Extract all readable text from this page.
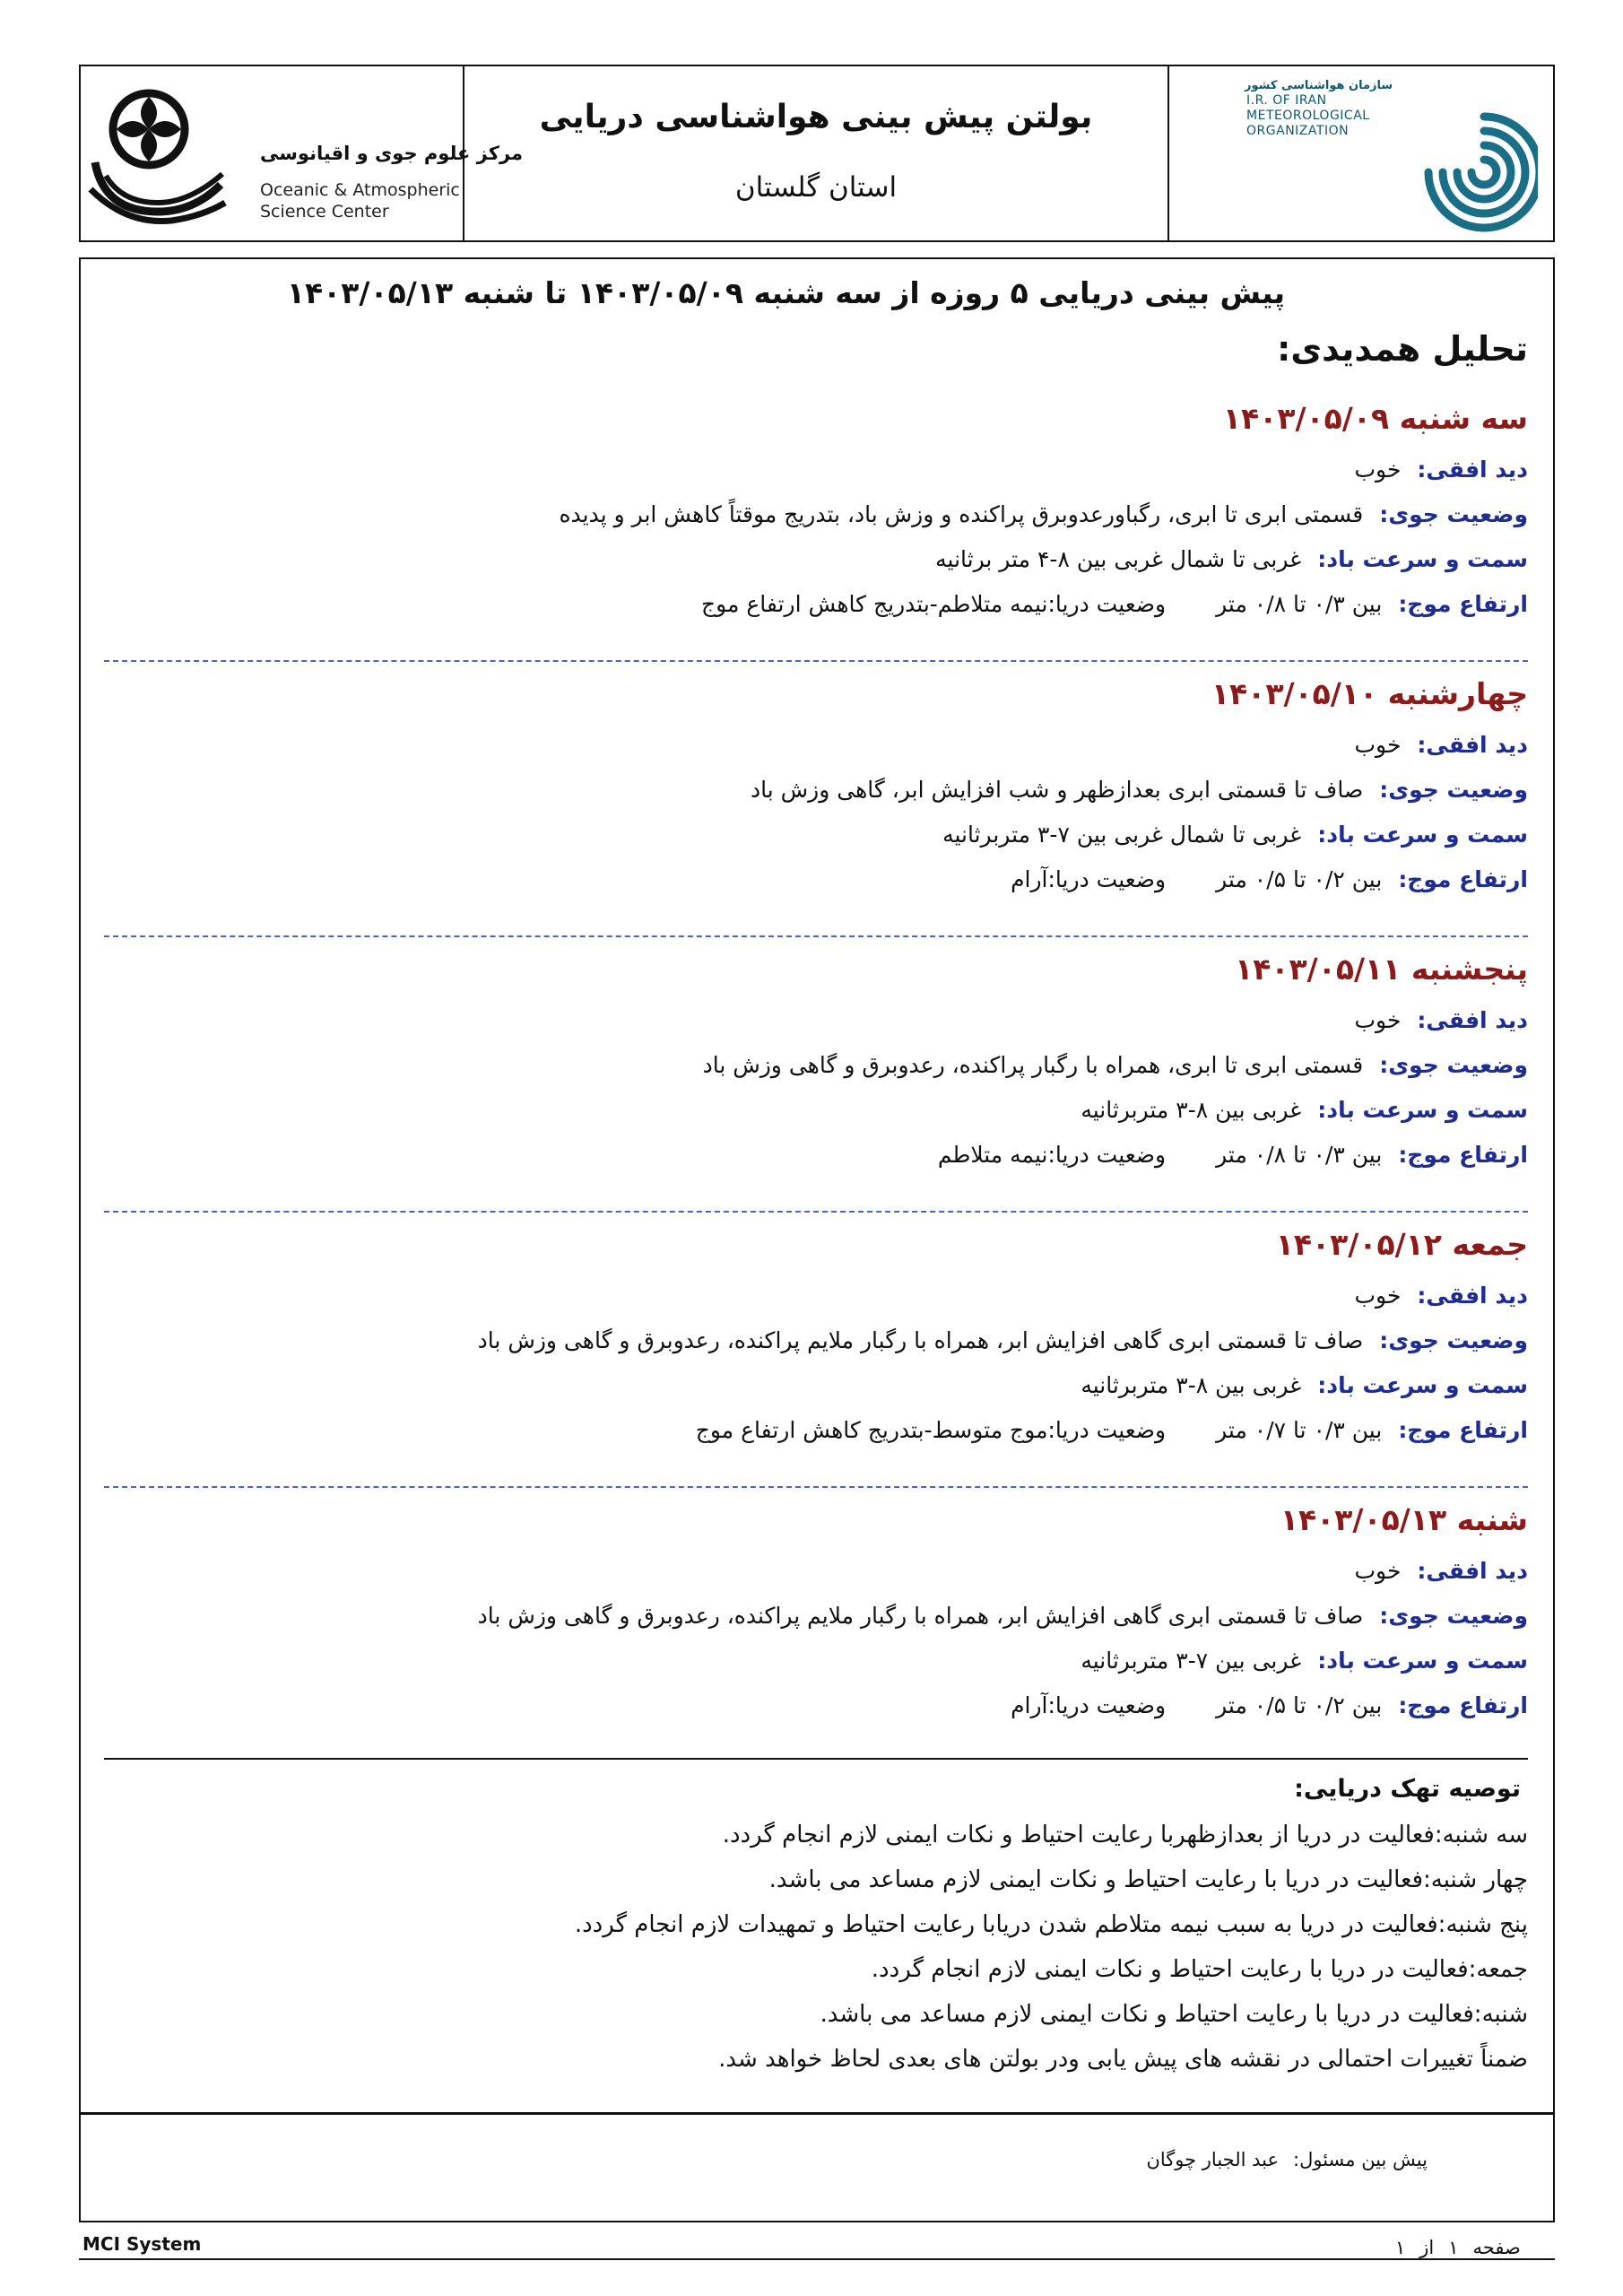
مرکز علوم جوی و اقیانوسی
Oceanic & Atmospheric
Science Center
بولتن پیش بینی هواشناسی دریایی
استان گلستان
سازمان هواشناسی کشور
I.R. OF IRAN
METEOROLOGICAL
ORGANIZATION
پیش بینی دریایی ۵ روزه از سه شنبه ۱۴۰۳/۰۵/۰۹ تا شنبه ۱۴۰۳/۰۵/۱۳
تحلیل همدیدی:
سه شنبه ۱۴۰۳/۰۵/۰۹
دید افقی:خوب
وضعیت جوی:قسمتی ابری تا ابری، رگباورعدوبرق پراکنده و وزش باد، بتدریج موقتاً کاهش ابر و پدیده
سمت و سرعت باد:غربی تا شمال غربی بین ۸-۴ متر برثانیه
ارتفاع موج:بین ۰/۳ تا ۰/۸ متروضعیت دریا:نیمه متلاطم-بتدریج کاهش ارتفاع موج
چهارشنبه ۱۴۰۳/۰۵/۱۰
دید افقی:خوب
وضعیت جوی:صاف تا قسمتی ابری بعدازظهر و شب افزایش ابر، گاهی وزش باد
سمت و سرعت باد:غربی تا شمال غربی بین ۷-۳ متربرثانیه
ارتفاع موج:بین ۰/۲ تا ۰/۵ متروضعیت دریا:آرام
پنجشنبه ۱۴۰۳/۰۵/۱۱
دید افقی:خوب
وضعیت جوی:قسمتی ابری تا ابری، همراه با رگبار پراکنده، رعدوبرق و گاهی وزش باد
سمت و سرعت باد:غربی بین ۸-۳ متربرثانیه
ارتفاع موج:بین ۰/۳ تا ۰/۸ متروضعیت دریا:نیمه متلاطم
جمعه ۱۴۰۳/۰۵/۱۲
دید افقی:خوب
وضعیت جوی:صاف تا قسمتی ابری گاهی افزایش ابر، همراه با رگبار ملایم پراکنده، رعدوبرق و گاهی وزش باد
سمت و سرعت باد:غربی بین ۸-۳ متربرثانیه
ارتفاع موج:بین ۰/۳ تا ۰/۷ متروضعیت دریا:موج متوسط-بتدریج کاهش ارتفاع موج
شنبه ۱۴۰۳/۰۵/۱۳
دید افقی:خوب
وضعیت جوی:صاف تا قسمتی ابری گاهی افزایش ابر، همراه با رگبار ملایم پراکنده، رعدوبرق و گاهی وزش باد
سمت و سرعت باد:غربی بین ۷-۳ متربرثانیه
ارتفاع موج:بین ۰/۲ تا ۰/۵ متروضعیت دریا:آرام
توصیه تهک دریایی:
سه شنبه:فعالیت در دریا از بعدازظهربا رعایت احتیاط و نکات ایمنی لازم انجام گردد.
چهار شنبه:فعالیت در دریا با رعایت احتیاط و نکات ایمنی لازم مساعد می باشد.
پنج شنبه:فعالیت در دریا به سبب نیمه متلاطم شدن دریابا رعایت احتیاط و تمهیدات لازم انجام گردد.
جمعه:فعالیت در دریا با رعایت احتیاط و نکات ایمنی لازم انجام گردد.
شنبه:فعالیت در دریا با رعایت احتیاط و نکات ایمنی لازم مساعد می باشد.
ضمناً تغییرات احتمالی در نقشه های پیش یابی ودر بولتن های بعدی لحاظ خواهد شد.
پیش بین مسئول:عبد الجبار چوگان
MCI System	صفحه۱از۱
